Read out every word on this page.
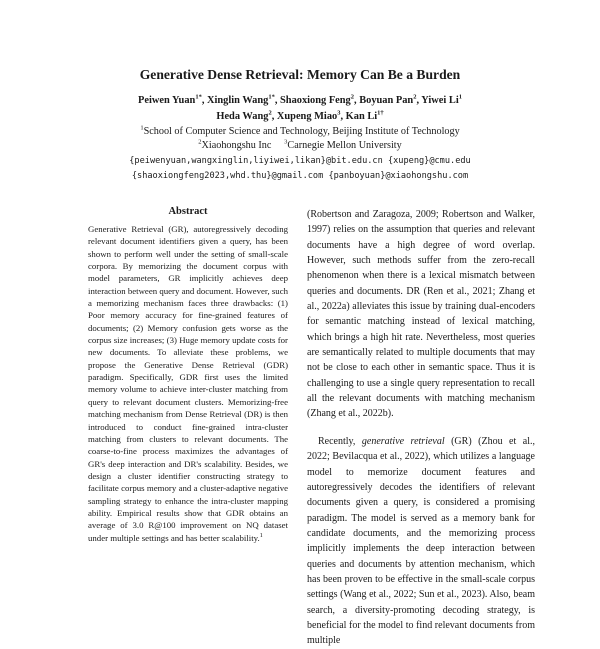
Generative Dense Retrieval: Memory Can Be a Burden
Peiwen Yuan$^{1*}$, Xinglin Wang$^{1*}$, Shaoxiong Feng$^2$, Boyuan Pan$^2$, Yiwei Li$^1$
Heda Wang$^2$, Xupeng Miao$^3$, Kan $Li^{1\dagger}$
$^1$School of Computer Science and Technology, Beijing Institute of Technology
$^2$Xiaohongshu Inc $^3$Carnegie Mellon University
{peiwenyuan,wangxinglin,liyiwei,likan}@bit.edu.cn {xupeng}@cmu.edu
{shaoxiongfeng2023,whd.thu}@gmail.com {panboyuan}@xiaohongshu.com
Abstract

Generative Retrieval (GR), autoregressively decoding relevant document identifiers given a query, has been shown to perform well under the setting of small-scale corpora. By memorizing the document corpus with model parameters, GR implicitly achieves deep interaction between query and document. However, such a memorizing mechanism faces three drawbacks: (1) Poor memory accuracy for fine-grained features of documents; (2) Memory confusion gets worse as the corpus size increases; (3) Huge memory update costs for new documents. To alleviate these problems, we propose the Generative Dense Retrieval (GDR) paradigm. Specifically, GDR first uses the limited memory volume to achieve inter-cluster matching from query to relevant document clusters. Memorizing-free matching mechanism from Dense Retrieval (DR) is then introduced to conduct fine-grained intra-cluster matching from clusters to relevant documents. The coarse-to-fine process maximizes the advantages of GR's deep interaction and DR's scalability. Besides, we design a cluster identifier constructing strategy to facilitate corpus memory and a cluster-adaptive negative sampling strategy to enhance the intra-cluster mapping ability. Empirical results show that GDR obtains an average of 3.0 R@100 improvement on NQ dataset under multiple settings and has better scalability.$^1$

(Robertson and Zaragoza, 2009; Robertson and Walker, 1997) relies on the assumption that queries and relevant documents have a high degree of word overlap. However, such methods suffer from the zero-recall phenomenon when there is a lexical mismatch between queries and documents. DR (Ren et al., 2021; Zhang et al., 2022a) alleviates this issue by training dual-encoders for semantic matching instead of lexical matching, which brings a high hit rate. Nevertheless, most queries are semantically related to multiple documents that may not be close to each other in semantic space. Thus it is challenging to use a single query representation to recall all the relevant documents with matching mechanism (Zhang et al., 2022b).

Recently, generative retrieval (GR) (Zhou et al., 2022; Bevilacqua et al., 2022), which utilizes a language model to memorize document features and autoregressively decodes the identifiers of relevant documents given a query, is considered a promising paradigm. The model is served as a memory bank for candidate documents, and the memorizing process implicitly implements the deep interaction between queries and documents by attention mechanism, which has been proven to be effective in the small-scale corpus settings (Wang et al., 2022; Sun et al., 2023). Also, beam search, a diversity-promoting decoding strategy, is beneficial for the model to find relevant documents from multiple
